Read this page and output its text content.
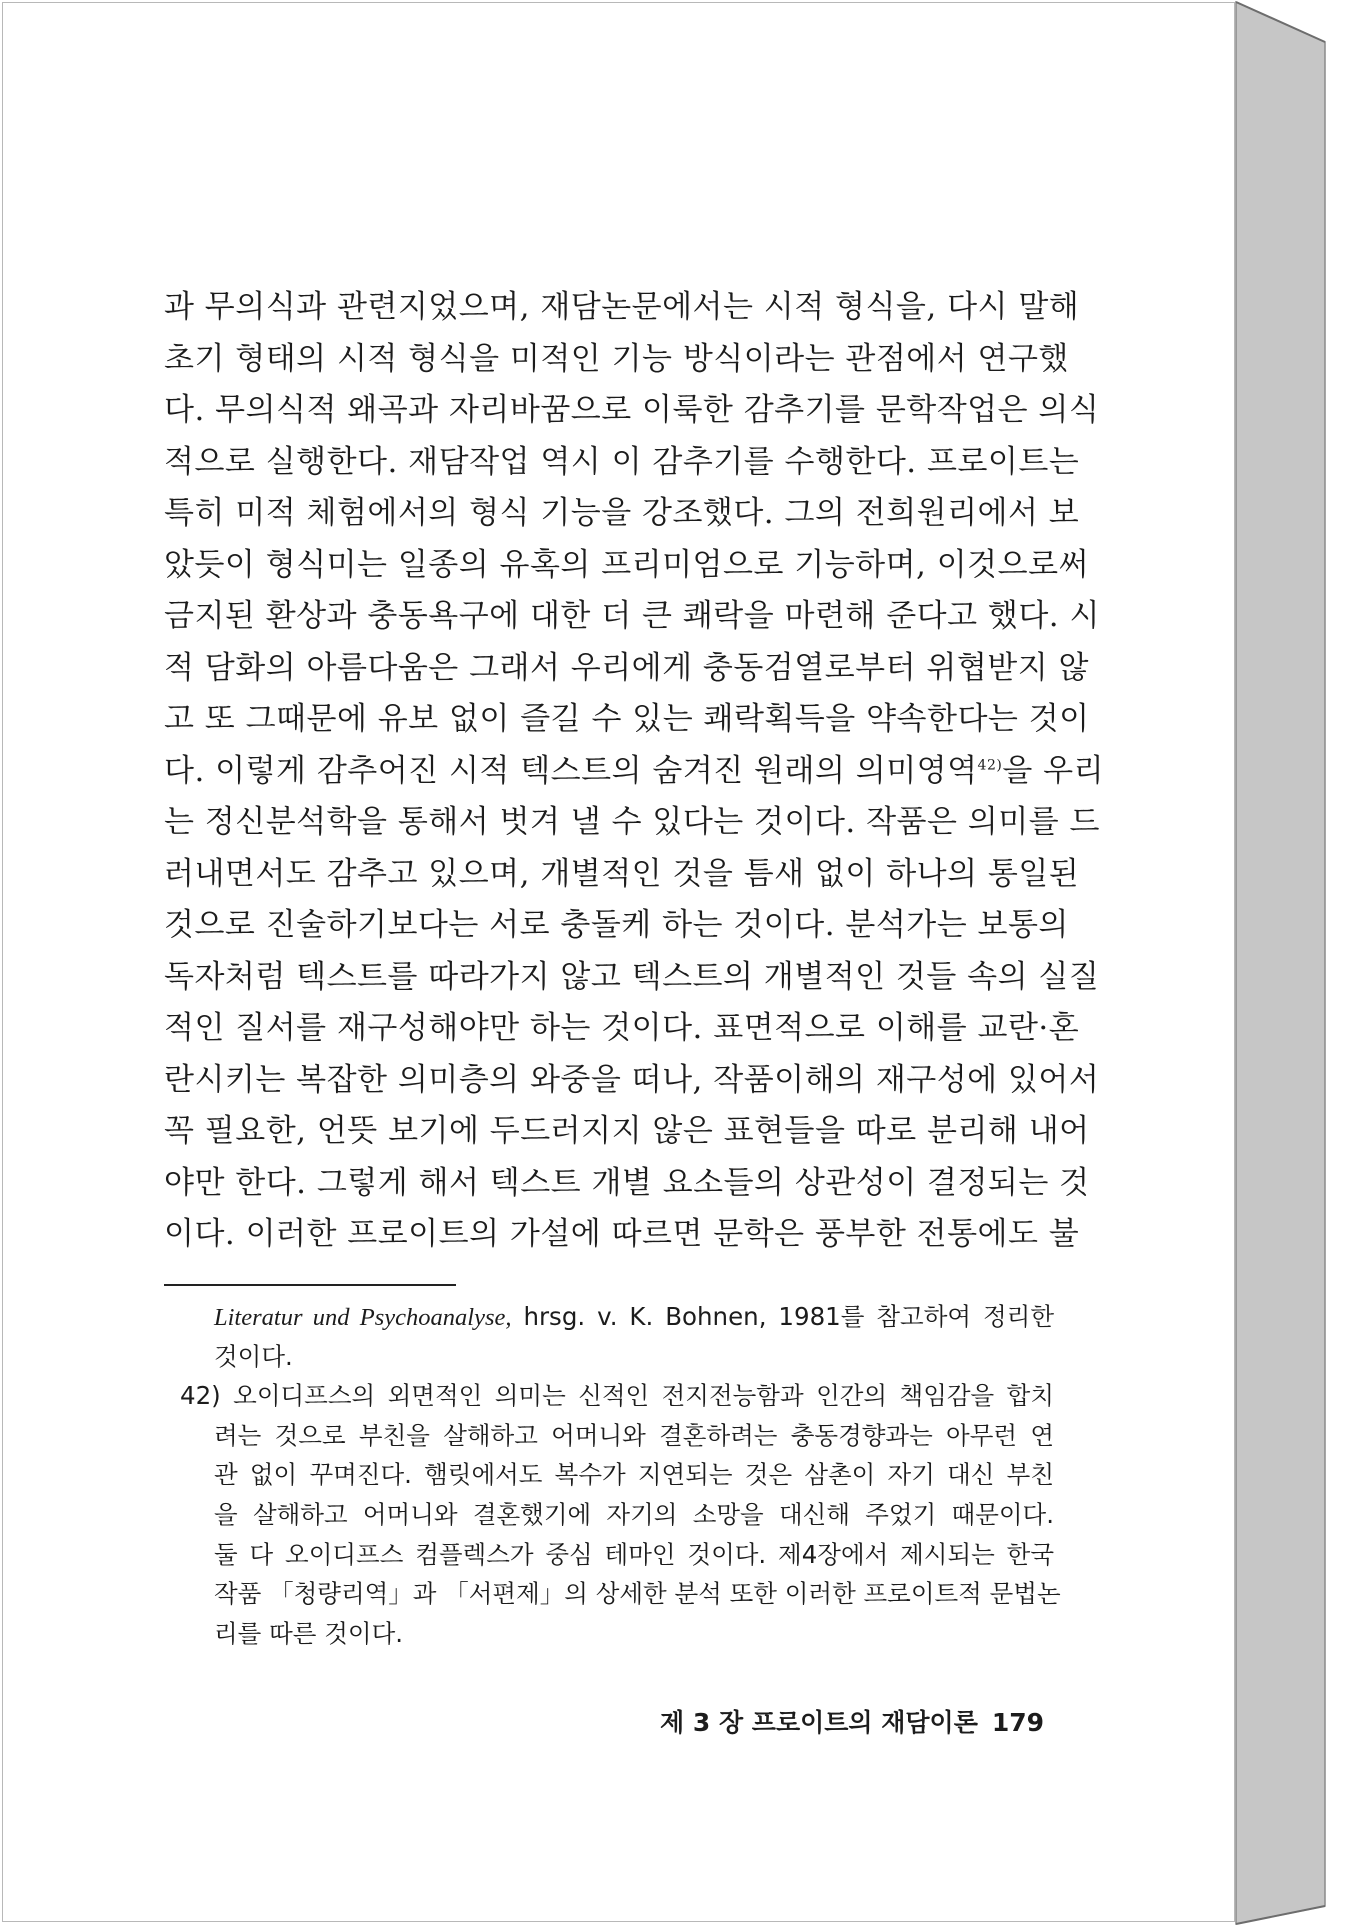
과 무의식과 관련지었으며, 재담논문에서는 시적 형식을, 다시 말해

초기 형태의 시적 형식을 미적인 기능 방식이라는 관점에서 연구했

다. 무의식적 왜곡과 자리바꿈으로 이룩한 감추기를 문학작업은 의식

적으로 실행한다. 재담작업 역시 이 감추기를 수행한다. 프로이트는

특히 미적 체험에서의 형식 기능을 강조했다. 그의 전희원리에서 보

았듯이 형식미는 일종의 유혹의 프리미엄으로 기능하며, 이것으로써

금지된 환상과 충동욕구에 대한 더 큰 쾌락을 마련해 준다고 했다. 시

적 담화의 아름다움은 그래서 우리에게 충동검열로부터 위협받지 않

고 또 그때문에 유보 없이 즐길 수 있는 쾌락획득을 약속한다는 것이

다. 이렇게 감추어진 시적 텍스트의 숨겨진 원래의 의미영역$^{42)}$을 우리

는 정신분석학을 통해서 벗겨 낼 수 있다는 것이다. 작품은 의미를 드

러내면서도 감추고 있으며, 개별적인 것을 틈새 없이 하나의 통일된

것으로 진술하기보다는 서로 충돌케 하는 것이다. 분석가는 보통의

독자처럼 텍스트를 따라가지 않고 텍스트의 개별적인 것들 속의 실질

적인 질서를 재구성해야만 하는 것이다. 표면적으로 이해를 교란·혼

란시키는 복잡한 의미층의 와중을 떠나, 작품이해의 재구성에 있어서

꼭 필요한, 언뜻 보기에 두드러지지 않은 표현들을 따로 분리해 내어

야만 한다. 그렇게 해서 텍스트 개별 요소들의 상관성이 결정되는 것

이다. 이러한 프로이트의 가설에 따르면 문학은 풍부한 전통에도 불

Literatur und Psychoanalyse, hrsg. v. K. Bohnen, 1981를 참고하여 정리한

것이다.

42) 오이디프스의 외면적인 의미는 신적인 전지전능함과 인간의 책임감을 합치

려는 것으로 부친을 살해하고 어머니와 결혼하려는 충동경향과는 아무런 연

관 없이 꾸며진다. 햄릿에서도 복수가 지연되는 것은 삼촌이 자기 대신 부친

을 살해하고 어머니와 결혼했기에 자기의 소망을 대신해 주었기 때문이다.

둘 다 오이디프스 컴플렉스가 중심 테마인 것이다. 제4장에서 제시되는 한국

작품 「청량리역」과 「서편제」의 상세한 분석 또한 이러한 프로이트적 문법논

리를 따른 것이다.

제 3 장 프로이트의 재담이론 179
